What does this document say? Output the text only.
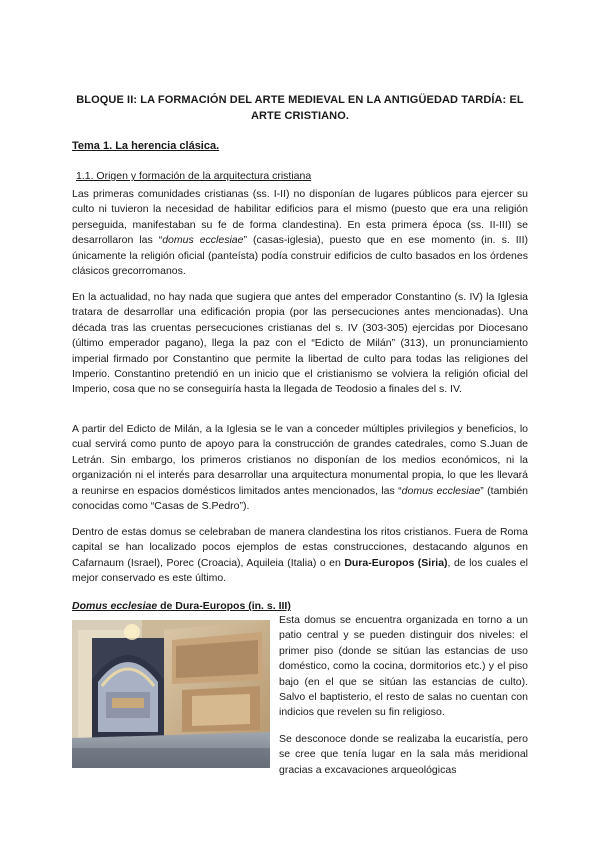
BLOQUE II: LA FORMACIÓN DEL ARTE MEDIEVAL EN LA ANTIGÜEDAD TARDÍA: EL ARTE CRISTIANO.
Tema 1. La herencia clásica.
1.1. Origen y formación de la arquitectura cristiana

Las primeras comunidades cristianas (ss. I-II) no disponían de lugares públicos para ejercer su culto ni tuvieron la necesidad de habilitar edificios para el mismo (puesto que era una religión perseguida, manifestaban su fe de forma clandestina). En esta primera época (ss. II-III) se desarrollaron las “domus ecclesiae” (casas-iglesia), puesto que en ese momento (in. s. III) únicamente la religión oficial (panteísta) podía construir edificios de culto basados en los órdenes clásicos grecorromanos.

En la actualidad, no hay nada que sugiera que antes del emperador Constantino (s. IV) la Iglesia tratara de desarrollar una edificación propia (por las persecuciones antes mencionadas). Una década tras las cruentas persecuciones cristianas del s. IV (303-305) ejercidas por Diocesano (último emperador pagano), llega la paz con el “Edicto de Milán” (313), un pronunciamiento imperial firmado por Constantino que permite la libertad de culto para todas las religiones del Imperio. Constantino pretendió en un inicio que el cristianismo se volviera la religión oficial del Imperio, cosa que no se conseguiría hasta la llegada de Teodosio a finales del s. IV.

A partir del Edicto de Milán, a la Iglesia se le van a conceder múltiples privilegios y beneficios, lo cual servirá como punto de apoyo para la construcción de grandes catedrales, como S.Juan de Letrán. Sin embargo, los primeros cristianos no disponían de los medios económicos, ni la organización ni el interés para desarrollar una arquitectura monumental propia, lo que les llevará a reunirse en espacios domésticos limitados antes mencionados, las “domus ecclesiae” (también conocidas como “Casas de S.Pedro”).

Dentro de estas domus se celebraban de manera clandestina los ritos cristianos. Fuera de Roma capital se han localizado pocos ejemplos de estas construcciones, destacando algunos en Cafarnaum (Israel), Porec (Croacia), Aquileia (Italia) o en Dura-Europos (Siria), de los cuales el mejor conservado es este último.

Domus ecclesiae de Dura-Europos (in. s. III)

Esta domus se encuentra organizada en torno a un patio central y se pueden distinguir dos niveles: el primer piso (donde se sitúan las estancias de uso doméstico, como la cocina, dormitorios etc.) y el piso bajo (en el que se sitúan las estancias de culto). Salvo el baptisterio, el resto de salas no cuentan con indicios que revelen su fin religioso.

Se desconoce donde se realizaba la eucaristía, pero se cree que tenía lugar en la sala más meridional gracias a excavaciones arqueológicas
